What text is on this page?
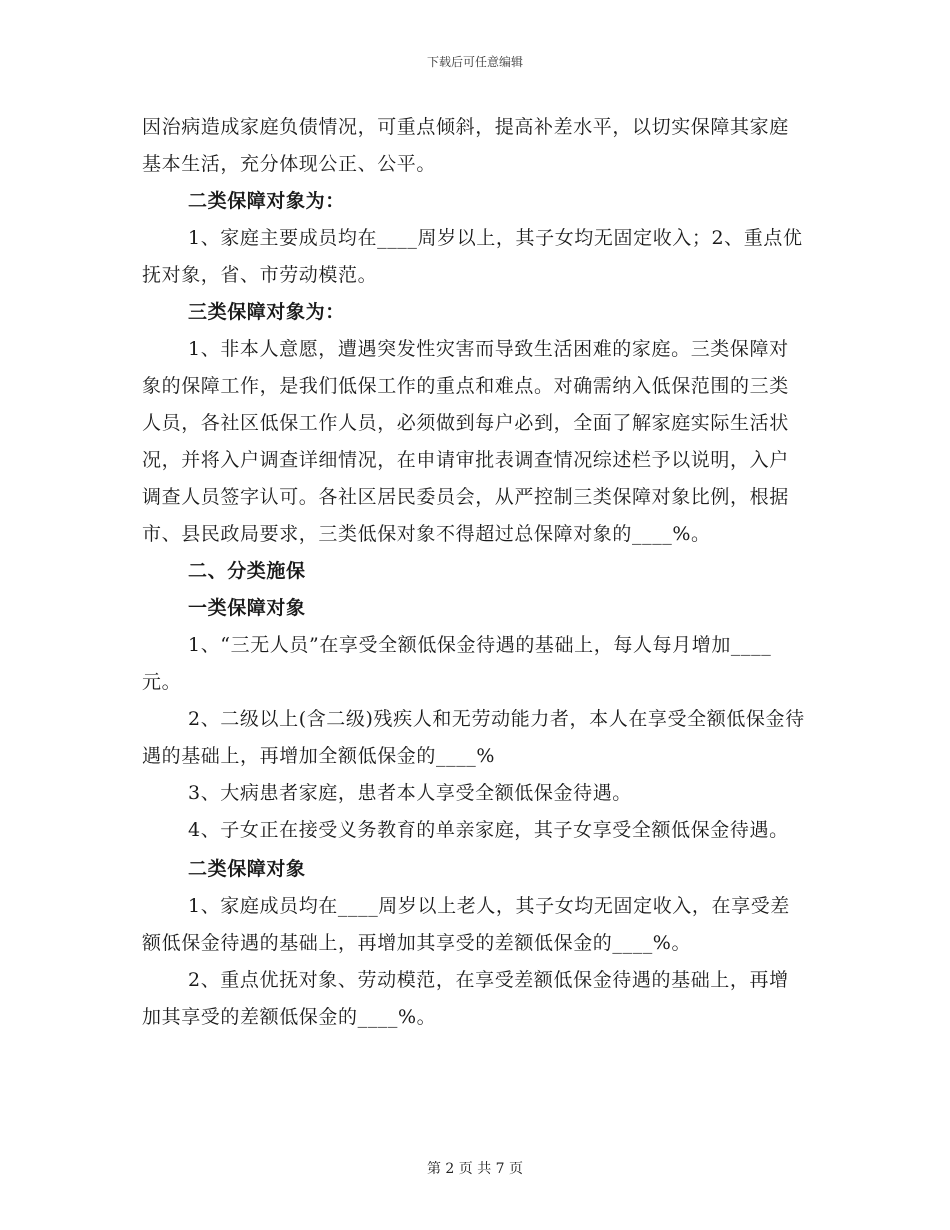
下载后可任意编辑

因治病造成家庭负债情况，可重点倾斜，提高补差水平，以切实保障其家庭基本生活，充分体现公正、公平。

二类保障对象为：

1、家庭主要成员均在____周岁以上，其子女均无固定收入；2、重点优抚对象，省、市劳动模范。

三类保障对象为：

1、非本人意愿，遭遇突发性灾害而导致生活困难的家庭。三类保障对象的保障工作，是我们低保工作的重点和难点。对确需纳入低保范围的三类人员，各社区低保工作人员，必须做到每户必到，全面了解家庭实际生活状况，并将入户调查详细情况，在申请审批表调查情况综述栏予以说明，入户调查人员签字认可。各社区居民委员会，从严控制三类保障对象比例，根据市、县民政局要求，三类低保对象不得超过总保障对象的____%。

二、分类施保

一类保障对象

1、“三无人员”在享受全额低保金待遇的基础上，每人每月增加____元。

2、二级以上(含二级)残疾人和无劳动能力者，本人在享受全额低保金待遇的基础上，再增加全额低保金的____%

3、大病患者家庭，患者本人享受全额低保金待遇。

4、子女正在接受义务教育的单亲家庭，其子女享受全额低保金待遇。

二类保障对象

1、家庭成员均在____周岁以上老人，其子女均无固定收入，在享受差额低保金待遇的基础上，再增加其享受的差额低保金的____%。

2、重点优抚对象、劳动模范，在享受差额低保金待遇的基础上，再增加其享受的差额低保金的____%。

第 2 页 共 7 页
